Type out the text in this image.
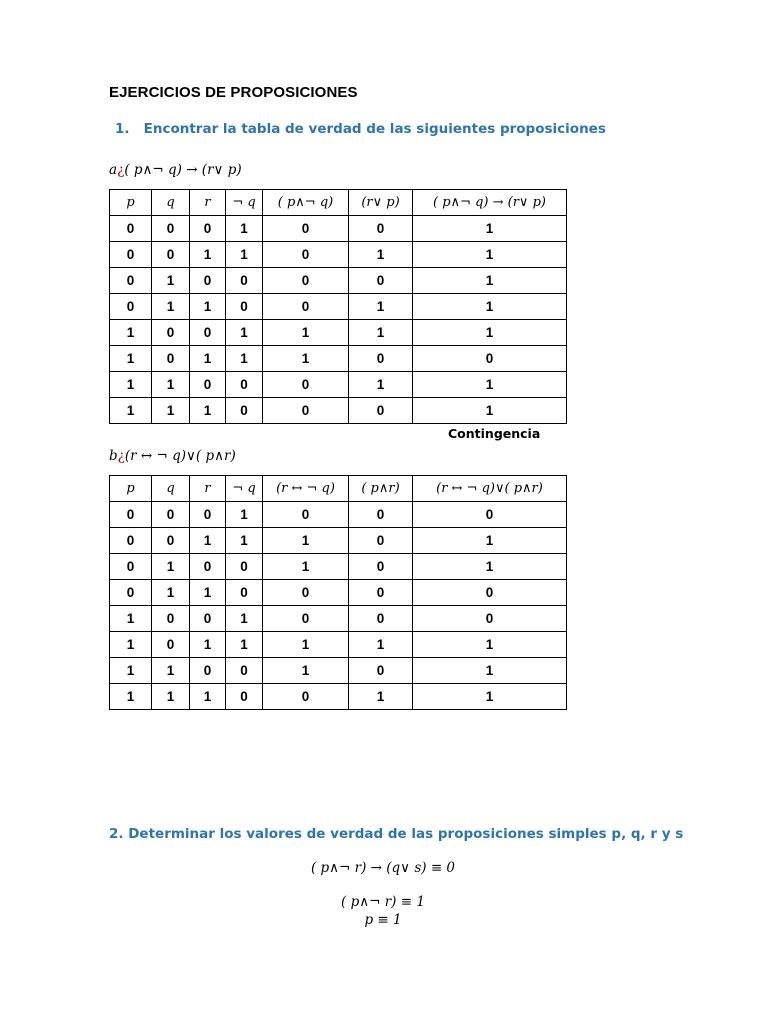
EJERCICIOS DE PROPOSICIONES
1.   Encontrar la tabla de verdad de las siguientes proposiciones
a¿( p∧¬ q) → (r∨ p)
p	q	r	¬ q	( p∧¬ q)	(r∨ p)	( p∧¬ q) → (r∨ p)
0	0	0	1	0	0	1
0	0	1	1	0	1	1
0	1	0	0	0	0	1
0	1	1	0	0	1	1
1	0	0	1	1	1	1
1	0	1	1	1	0	0
1	1	0	0	0	1	1
1	1	1	0	0	0	1
Contingencia
b¿(r ↔ ¬ q)∨( p∧r)
p	q	r	¬ q	(r ↔ ¬ q)	( p∧r)	(r ↔ ¬ q)∨( p∧r)
0	0	0	1	0	0	0
0	0	1	1	1	0	1
0	1	0	0	1	0	1
0	1	1	0	0	0	0
1	0	0	1	0	0	0
1	0	1	1	1	1	1
1	1	0	0	1	0	1
1	1	1	0	0	1	1
2. Determinar los valores de verdad de las proposiciones simples p, q, r y s
( p∧¬ r) → (q∨ s) ≡ 0
( p∧¬ r) ≡ 1
p ≡ 1
